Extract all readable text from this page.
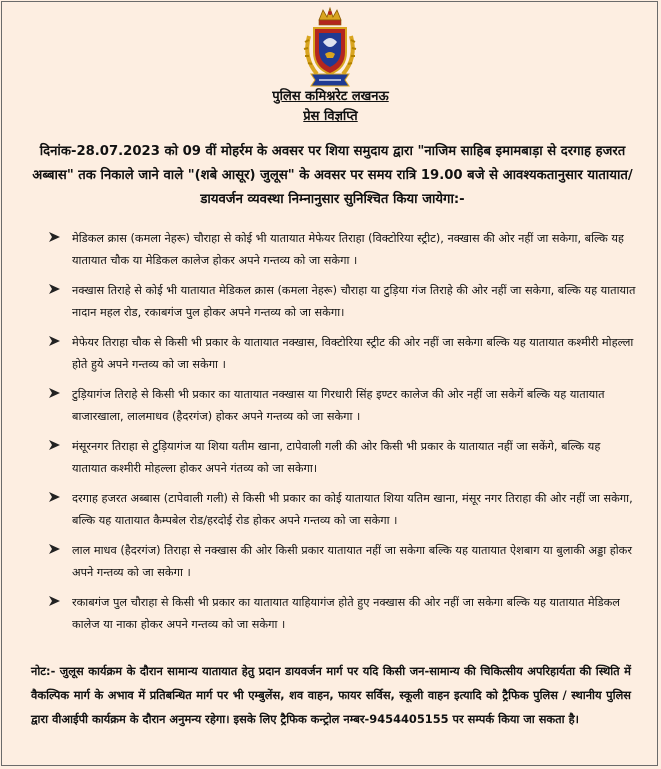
पुलिस कमिश्नरेट लखनऊ
प्रेस विज्ञप्ति
दिनांक-28.07.2023 को 09 वीं मोहर्रम के अवसर पर शिया समुदाय द्वारा "नाजिम साहिब इमामबाड़ा से दरगाह हजरत अब्बास" तक निकाले जाने वाले "(शबे आसूर) जुलूस" के अवसर पर समय रात्रि 19.00 बजे से आवश्यकतानुसार यातायात/डायवर्जन व्यवस्था निम्नानुसार सुनिश्चित किया जायेगा:-
मेडिकल क्रास (कमला नेहरू) चौराहा से कोई भी यातायात मेफेयर तिराहा (विक्टोरिया स्ट्रीट), नक्खास की ओर नहीं जा सकेगा, बल्कि यह यातायात चौक या मेडिकल कालेज होकर अपने गन्तव्य को जा सकेगा ।
नक्खास तिराहे से कोई भी यातायात मेडिकल क्रास (कमला नेहरू) चौराहा या टुड़िया गंज तिराहे की ओर नहीं जा सकेगा, बल्कि यह यातायात नादान महल रोड, रकाबगंज पुल होकर अपने गन्तव्य को जा सकेगा।
मेफेयर तिराहा चौक से किसी भी प्रकार के यातायात नक्खास, विक्टोरिया स्ट्रीट की ओर नहीं जा सकेगा बल्कि यह यातायात कश्मीरी मोहल्ला होते हुये अपने गन्तव्य को जा सकेगा ।
टुड़ियागंज तिराहे से किसी भी प्रकार का यातायात नक्खास या गिरधारी सिंह इण्टर कालेज की ओर नहीं जा सकेगें बल्कि यह यातायात बाजारखाला, लालमाधव (हैदरगंज) होकर अपने गन्तव्य को जा सकेगा ।
मंसूरनगर तिराहा से टुड़ियागंज या शिया यतीम खाना, टापेवाली गली की ओर किसी भी प्रकार के यातायात नहीं जा सकेंगे, बल्कि यह यातायात कश्मीरी मोहल्ला होकर अपने गंतव्य को जा सकेगा।
दरगाह हजरत अब्बास (टापेवाली गली) से किसी भी प्रकार का कोई यातायात शिया यतिम खाना, मंसूर नगर तिराहा की ओर नहीं जा सकेगा, बल्कि यह यातायात कैम्पबेल रोड/हरदोई रोड होकर अपने गन्तव्य को जा सकेगा ।
लाल माधव (हैदरगंज) तिराहा से नक्खास की ओर किसी प्रकार यातायात नहीं जा सकेगा बल्कि यह यातायात ऐशबाग या बुलाकी अड्डा होकर अपने गन्तव्य को जा सकेगा ।
रकाबगंज पुल चौराहा से किसी भी प्रकार का यातायात याहियागंज होते हुए नक्खास की ओर नहीं जा सकेगा बल्कि यह यातायात मेडिकल कालेज या नाका होकर अपने गन्तव्य को जा सकेगा ।
नोट:- जुलूस कार्यक्रम के दौरान सामान्य यातायात हेतु प्रदान डायवर्जन मार्ग पर यदि किसी जन-सामान्य की चिकित्सीय अपरिहार्यता की स्थिति में वैकल्पिक मार्ग के अभाव में प्रतिबन्धित मार्ग पर भी एम्बुलेंस, शव वाहन, फायर सर्विस, स्कूली वाहन इत्यादि को ट्रैफिक पुलिस / स्थानीय पुलिस द्वारा वीआईपी कार्यक्रम के दौरान अनुमन्य रहेगा। इसके लिए ट्रैफिक कन्ट्रोल नम्बर-9454405155 पर सम्पर्क किया जा सकता है।
